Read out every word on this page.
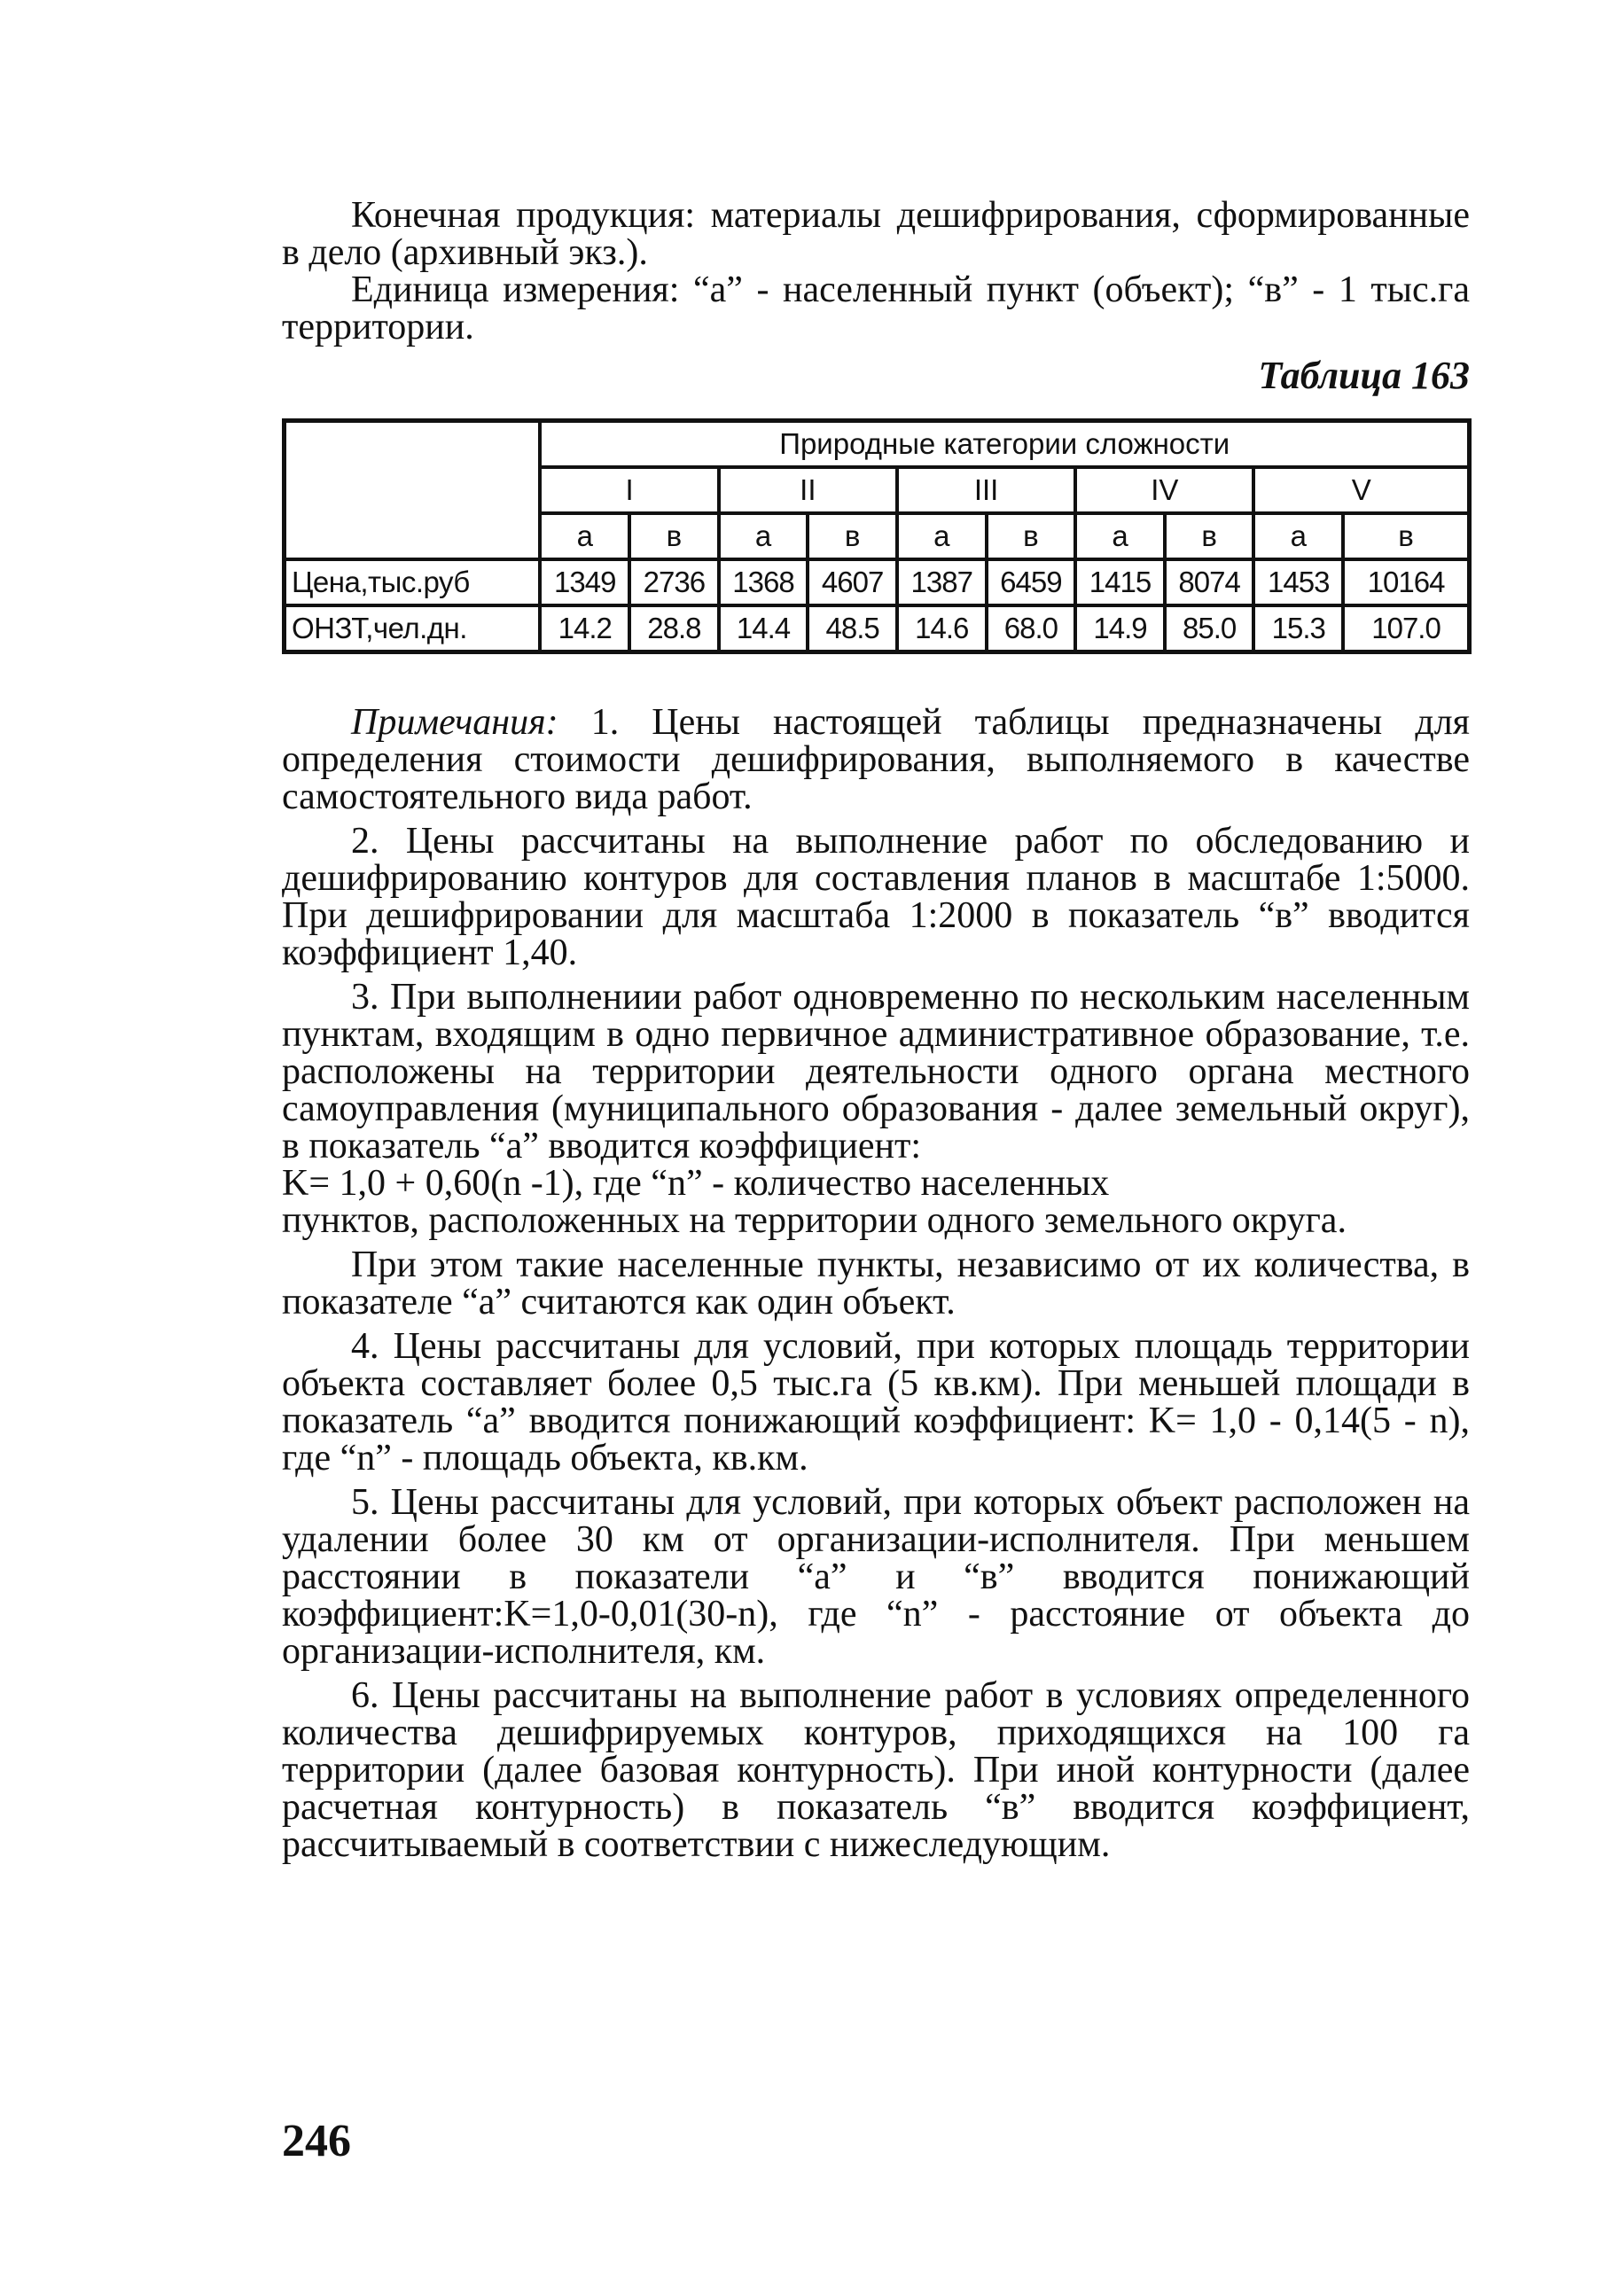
Конечная продукция: материалы дешифрирования, сформированные в дело (архивный экз.).

Единица измерения: “а” - населенный пункт (объект); “в” - 1 тыс.га территории.

Таблица 163
	Природные категории сложности									
	I		II		III		IV		V	
	а	в	а	в	а	в	а	в	а	в
Цена,тыс.руб	1349	2736	1368	4607	1387	6459	1415	8074	1453	10164
ОНЗТ,чел.дн.	14.2	28.8	14.4	48.5	14.6	68.0	14.9	85.0	15.3	107.0

Примечания: 1. Цены настоящей таблицы предназначены для определения стоимости дешифрирования, выполняемого в качестве самостоятельного вида работ.

2. Цены рассчитаны на выполнение работ по обследованию и дешифрированию контуров для составления планов в масштабе 1:5000. При дешифрировании для масштаба 1:2000 в показатель “в” вводится коэффициент 1,40.

3. При выполнениии работ одновременно по нескольким населенным пунктам, входящим в одно первичное административное образование, т.е. расположены на территории деятельности одного органа местного самоуправления (муниципального образования - далее земельный округ), в показатель “а” вводится коэффициент:

K= 1,0 + 0,60(n -1), где “n” - количество населенных

пунктов, расположенных на территории одного земельного округа.

При этом такие населенные пункты, независимо от их количества, в показателе “а” считаются как один объект.

4. Цены рассчитаны для условий, при которых площадь территории объекта составляет более 0,5 тыс.га (5 кв.км). При меньшей площади в показатель “а” вводится понижающий коэффициент: K= 1,0 - 0,14(5 - n), где “n” - площадь объекта, кв.км.

5. Цены рассчитаны для условий, при которых объект расположен на удалении более 30 км от организации-исполнителя. При меньшем расстоянии в показатели “а” и “в” вводится понижающий коэффициент:K=1,0-0,01(30-n), где “n” - расстояние от объекта до организации-исполнителя, км.

6. Цены рассчитаны на выполнение работ в условиях определенного количества дешифрируемых контуров, приходящихся на 100 га территории (далее базовая контурность). При иной контурности (далее расчетная контурность) в показатель “в” вводится коэффициент, рассчитываемый в соответствии с нижеследующим.

246
